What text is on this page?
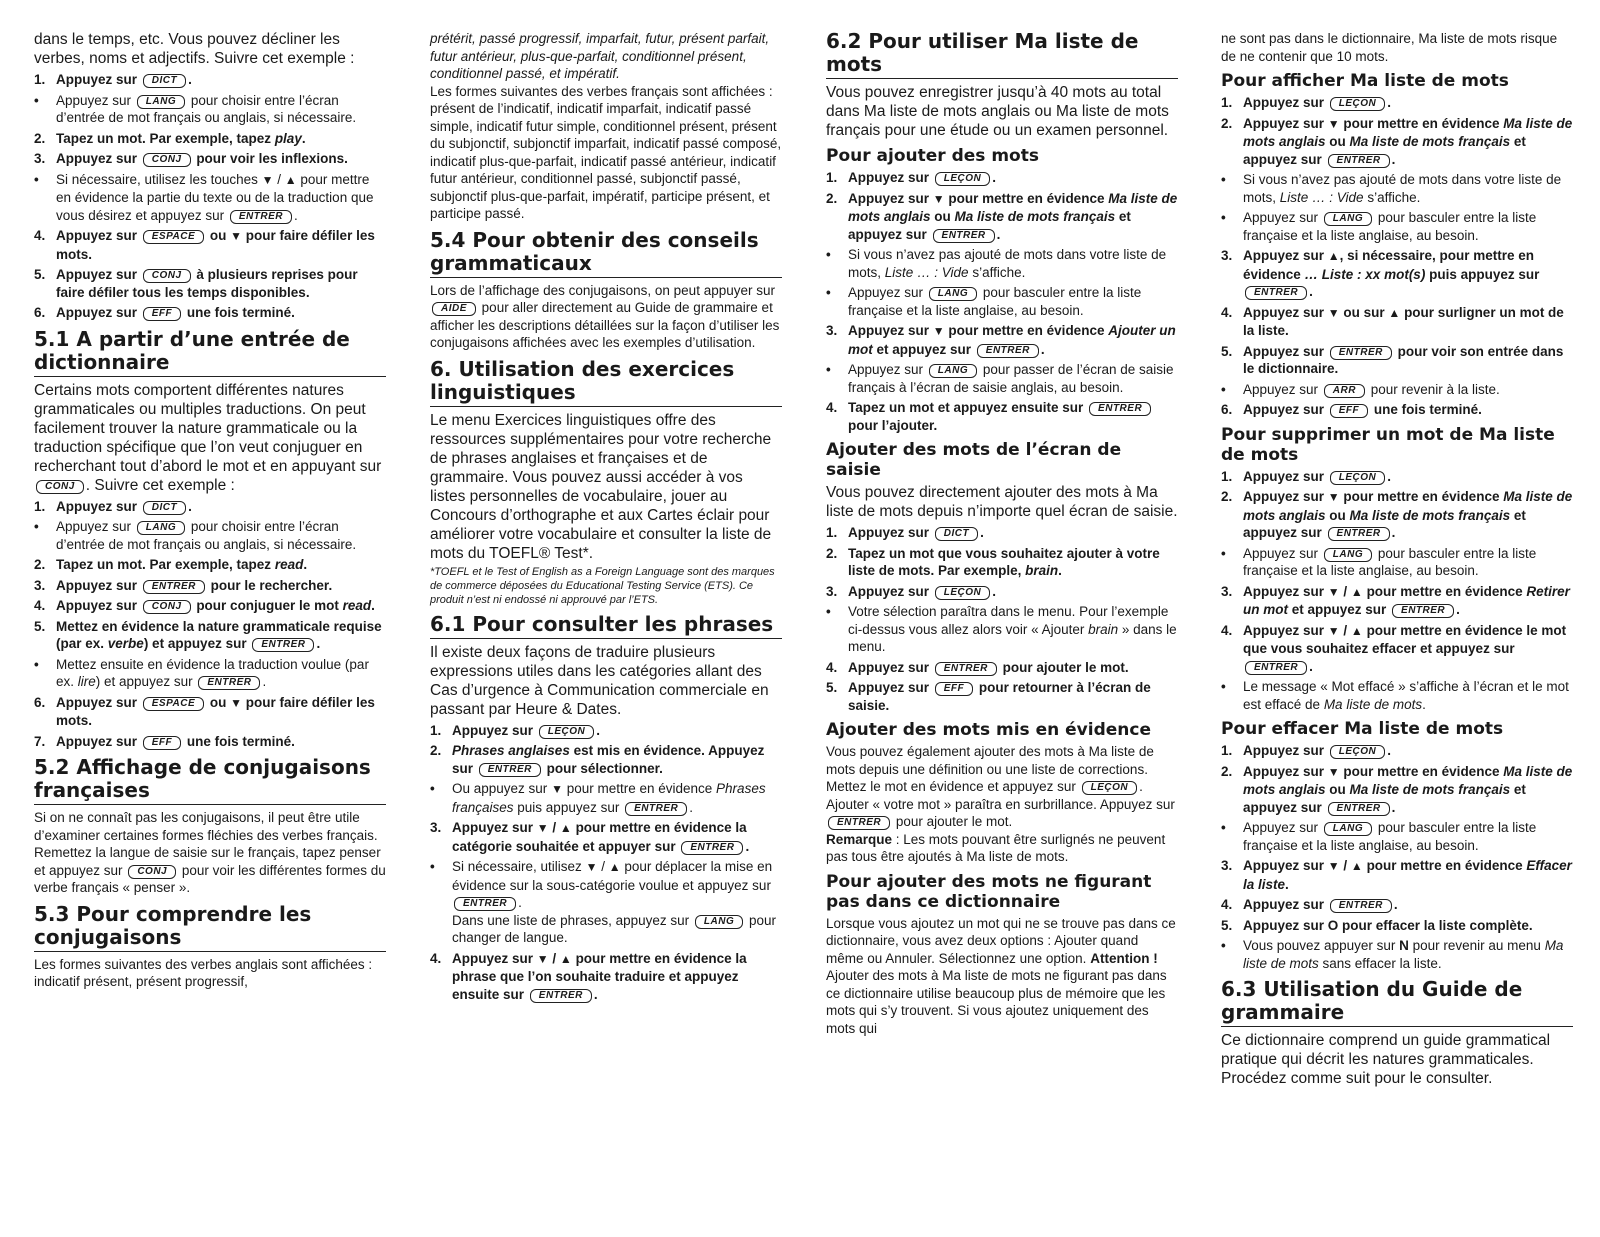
dans le temps, etc. Vous pouvez décliner les verbes, noms et adjectifs. Suivre cet exemple :

1. Appuyez sur DICT .
• Appuyez sur LANG pour choisir entre l’écran d’entrée de mot français ou anglais, si nécessaire.
2. Tapez un mot. Par exemple, tapez play.
3. Appuyez sur CONJ pour voir les inflexions.
• Si nécessaire, utilisez les touches ▼ / ▲ pour mettre en évidence la partie du texte ou de la traduction que vous désirez et appuyez sur ENTRER .
4. Appuyez sur ESPACE ou ▼ pour faire défiler les mots.
5. Appuyez sur CONJ à plusieurs reprises pour faire défiler tous les temps disponibles.
6. Appuyez sur EFF une fois terminé.
5.1 A partir d’une entrée de dictionnaire

Certains mots comportent différentes natures grammaticales ou multiples traductions. On peut facilement trouver la nature grammaticale ou la traduction spécifique que l’on veut conjuguer en recherchant tout d’abord le mot et en appuyant sur CONJ . Suivre cet exemple :

1. Appuyez sur DICT .
• Appuyez sur LANG pour choisir entre l’écran d’entrée de mot français ou anglais, si nécessaire.
2. Tapez un mot. Par exemple, tapez read.
3. Appuyez sur ENTRER pour le rechercher.
4. Appuyez sur CONJ pour conjuguer le mot read.
5. Mettez en évidence la nature grammaticale requise (par ex. verbe) et appuyez sur ENTRER .
• Mettez ensuite en évidence la traduction voulue (par ex. lire) et appuyez sur ENTRER .
6. Appuyez sur ESPACE ou ▼ pour faire défiler les mots.
7. Appuyez sur EFF une fois terminé.
5.2 Affichage de conjugaisons françaises

Si on ne connaît pas les conjugaisons, il peut être utile d’examiner certaines formes fléchies des verbes français. Remettez la langue de saisie sur le français, tapez penser et appuyez sur CONJ pour voir les différentes formes du verbe français « penser ».

5.3 Pour comprendre les conjugaisons

Les formes suivantes des verbes anglais sont affichées : indicatif présent, présent progressif,

prétérit, passé progressif, imparfait, futur, présent parfait, futur antérieur, plus-que-parfait, conditionnel présent, conditionnel passé, et impératif.

Les formes suivantes des verbes français sont affichées : présent de l’indicatif, indicatif imparfait, indicatif passé simple, indicatif futur simple, conditionnel présent, présent du subjonctif, subjonctif imparfait, indicatif passé composé, indicatif plus-que-parfait, indicatif passé antérieur, indicatif futur antérieur, conditionnel passé, subjonctif passé, subjonctif plus-que-parfait, impératif, participe présent, et participe passé.

5.4 Pour obtenir des conseils grammaticaux

Lors de l’affichage des conjugaisons, on peut appuyer sur AIDE pour aller directement au Guide de grammaire et afficher les descriptions détaillées sur la façon d’utiliser les conjugaisons affichées avec les exemples d’utilisation.

6. Utilisation des exercices linguistiques

Le menu Exercices linguistiques offre des ressources supplémentaires pour votre recherche de phrases anglaises et françaises et de grammaire. Vous pouvez aussi accéder à vos listes personnelles de vocabulaire, jouer au Concours d’orthographe et aux Cartes éclair pour améliorer votre vocabulaire et consulter la liste de mots du TOEFL® Test*.

*TOEFL et le Test of English as a Foreign Language sont des marques de commerce déposées du Educational Testing Service (ETS). Ce produit n’est ni endossé ni approuvé par l’ETS.

6.1 Pour consulter les phrases

Il existe deux façons de traduire plusieurs expressions utiles dans les catégories allant des Cas d’urgence à Communication commerciale en passant par Heure & Dates.

1. Appuyez sur LEÇON .
2. Phrases anglaises est mis en évidence. Appuyez sur ENTRER pour sélectionner.
• Ou appuyez sur ▼ pour mettre en évidence Phrases françaises puis appuyez sur ENTRER .
3. Appuyez sur ▼ / ▲ pour mettre en évidence la catégorie souhaitée et appuyer sur ENTRER .
• Si nécessaire, utilisez ▼ / ▲ pour déplacer la mise en évidence sur la sous-catégorie voulue et appuyez sur ENTRER .
Dans une liste de phrases, appuyez sur LANG pour changer de langue.
4. Appuyez sur ▼ / ▲ pour mettre en évidence la phrase que l’on souhaite traduire et appuyez ensuite sur ENTRER .
6.2 Pour utiliser Ma liste de mots

Vous pouvez enregistrer jusqu’à 40 mots au total dans Ma liste de mots anglais ou Ma liste de mots français pour une étude ou un examen personnel.

Pour ajouter des mots
1. Appuyez sur LEÇON .
2. Appuyez sur ▼ pour mettre en évidence Ma liste de mots anglais ou Ma liste de mots français et appuyez sur ENTRER .
• Si vous n’avez pas ajouté de mots dans votre liste de mots, Liste … : Vide s’affiche.
• Appuyez sur LANG pour basculer entre la liste française et la liste anglaise, au besoin.
3. Appuyez sur ▼ pour mettre en évidence Ajouter un mot et appuyez sur ENTRER .
• Appuyez sur LANG pour passer de l’écran de saisie français à l’écran de saisie anglais, au besoin.
4. Tapez un mot et appuyez ensuite sur ENTRER pour l’ajouter.
Ajouter des mots de l’écran de saisie

Vous pouvez directement ajouter des mots à Ma liste de mots depuis n’importe quel écran de saisie.

1. Appuyez sur DICT .
2. Tapez un mot que vous souhaitez ajouter à votre liste de mots. Par exemple, brain.
3. Appuyez sur LEÇON .
• Votre sélection paraîtra dans le menu. Pour l’exemple ci-dessus vous allez alors voir « Ajouter brain » dans le menu.
4. Appuyez sur ENTRER pour ajouter le mot.
5. Appuyez sur EFF pour retourner à l’écran de saisie.
Ajouter des mots mis en évidence

Vous pouvez également ajouter des mots à Ma liste de mots depuis une définition ou une liste de corrections. Mettez le mot en évidence et appuyez sur LEÇON . Ajouter « votre mot » paraîtra en surbrillance. Appuyez sur ENTRER pour ajouter le mot.

Remarque : Les mots pouvant être surlignés ne peuvent pas tous être ajoutés à Ma liste de mots.

Pour ajouter des mots ne figurant pas dans ce dictionnaire

Lorsque vous ajoutez un mot qui ne se trouve pas dans ce dictionnaire, vous avez deux options : Ajouter quand même ou Annuler. Sélectionnez une option. Attention ! Ajouter des mots à Ma liste de mots ne figurant pas dans ce dictionnaire utilise beaucoup plus de mémoire que les mots qui s’y trouvent. Si vous ajoutez uniquement des mots qui

ne sont pas dans le dictionnaire, Ma liste de mots risque de ne contenir que 10 mots.

Pour afficher Ma liste de mots
1. Appuyez sur LEÇON .
2. Appuyez sur ▼ pour mettre en évidence Ma liste de mots anglais ou Ma liste de mots français et appuyez sur ENTRER .
• Si vous n’avez pas ajouté de mots dans votre liste de mots, Liste … : Vide s’affiche.
• Appuyez sur LANG pour basculer entre la liste française et la liste anglaise, au besoin.
3. Appuyez sur ▲, si nécessaire, pour mettre en évidence … Liste : xx mot(s) puis appuyez sur ENTRER .
4. Appuyez sur ▼ ou sur ▲ pour surligner un mot de la liste.
5. Appuyez sur ENTRER pour voir son entrée dans le dictionnaire.
• Appuyez sur ARR pour revenir à la liste.
6. Appuyez sur EFF une fois terminé.
Pour supprimer un mot de Ma liste de mots
1. Appuyez sur LEÇON .
2. Appuyez sur ▼ pour mettre en évidence Ma liste de mots anglais ou Ma liste de mots français et appuyez sur ENTRER .
• Appuyez sur LANG pour basculer entre la liste française et la liste anglaise, au besoin.
3. Appuyez sur ▼ / ▲ pour mettre en évidence Retirer un mot et appuyez sur ENTRER .
4. Appuyez sur ▼ / ▲ pour mettre en évidence le mot que vous souhaitez effacer et appuyez sur ENTRER .
• Le message « Mot effacé » s’affiche à l’écran et le mot est effacé de Ma liste de mots.
Pour effacer Ma liste de mots
1. Appuyez sur LEÇON .
2. Appuyez sur ▼ pour mettre en évidence Ma liste de mots anglais ou Ma liste de mots français et appuyez sur ENTRER .
• Appuyez sur LANG pour basculer entre la liste française et la liste anglaise, au besoin.
3. Appuyez sur ▼ / ▲ pour mettre en évidence Effacer la liste.
4. Appuyez sur ENTRER .
5. Appuyez sur O pour effacer la liste complète.
• Vous pouvez appuyer sur N pour revenir au menu Ma liste de mots sans effacer la liste.
6.3 Utilisation du Guide de grammaire

Ce dictionnaire comprend un guide grammatical pratique qui décrit les natures grammaticales. Procédez comme suit pour le consulter.
